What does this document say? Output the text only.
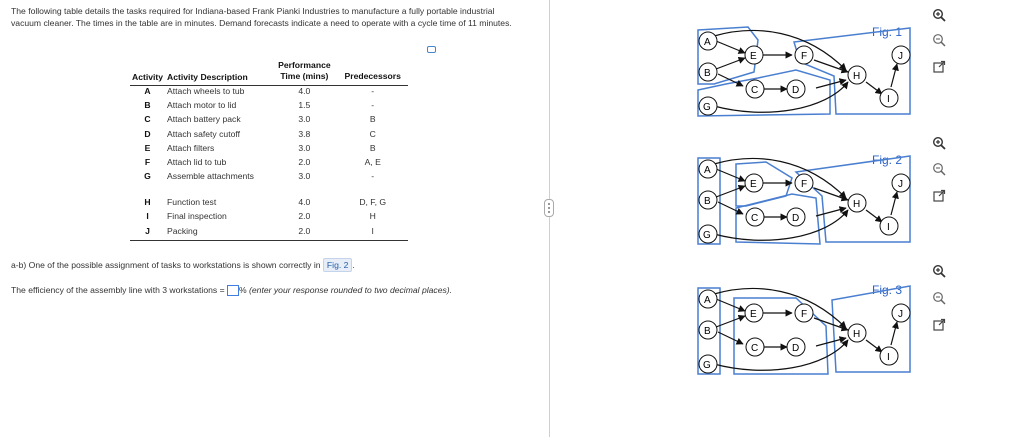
The following table details the tasks required for Indiana-based Frank Pianki Industries to manufacture a fully portable industrial vacuum cleaner. The times in the table are in minutes. Demand forecasts indicate a need to operate with a cycle time of 11 minutes.
Activity	Activity Description	Performance
Time (mins)	Predecessors
A	Attach wheels to tub	4.0	-
B	Attach motor to lid	1.5	-
C	Attach battery pack	3.0	B
D	Attach safety cutoff	3.8	C
E	Attach filters	3.0	B
F	Attach lid to tub	2.0	A, E
G	Assemble attachments	3.0	-
H	Function test	4.0	D, F, G
I	Final inspection	2.0	H
J	Packing	2.0	I
a-b) One of the possible assignment of tasks to workstations is shown correctly in Fig. 2 .
The efficiency of the assembly line with 3 workstations = % (enter your response rounded to two decimal places).
Fig. 1
A
B
G
E
C	D
F
H
I
J
Fig. 2
A
B
G
E
C	D
F
H
I
J
Fig. 3
A
B
G
E
C	D
F
H
I
J
